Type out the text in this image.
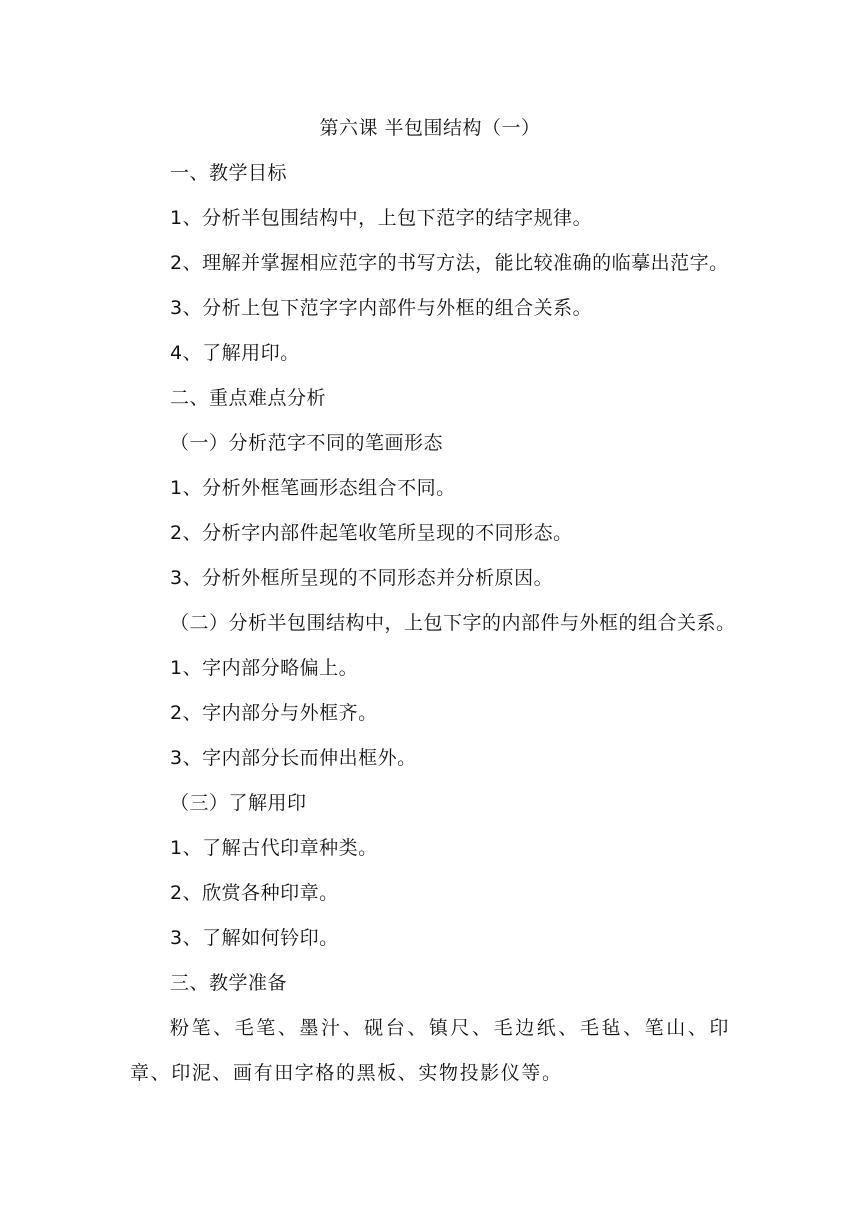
第六课 半包围结构（一）
一、教学目标
1、分析半包围结构中，上包下范字的结字规律。
2、理解并掌握相应范字的书写方法，能比较准确的临摹出范字。
3、分析上包下范字字内部件与外框的组合关系。
4、了解用印。
二、重点难点分析
（一）分析范字不同的笔画形态
1、分析外框笔画形态组合不同。
2、分析字内部件起笔收笔所呈现的不同形态。
3、分析外框所呈现的不同形态并分析原因。
（二）分析半包围结构中，上包下字的内部件与外框的组合关系。
1、字内部分略偏上。
2、字内部分与外框齐。
3、字内部分长而伸出框外。
（三）了解用印
1、了解古代印章种类。
2、欣赏各种印章。
3、了解如何钤印。
三、教学准备
粉笔、毛笔、墨汁、砚台、镇尺、毛边纸、毛毡、笔山、印章、印泥、画有田字格的黑板、实物投影仪等。
